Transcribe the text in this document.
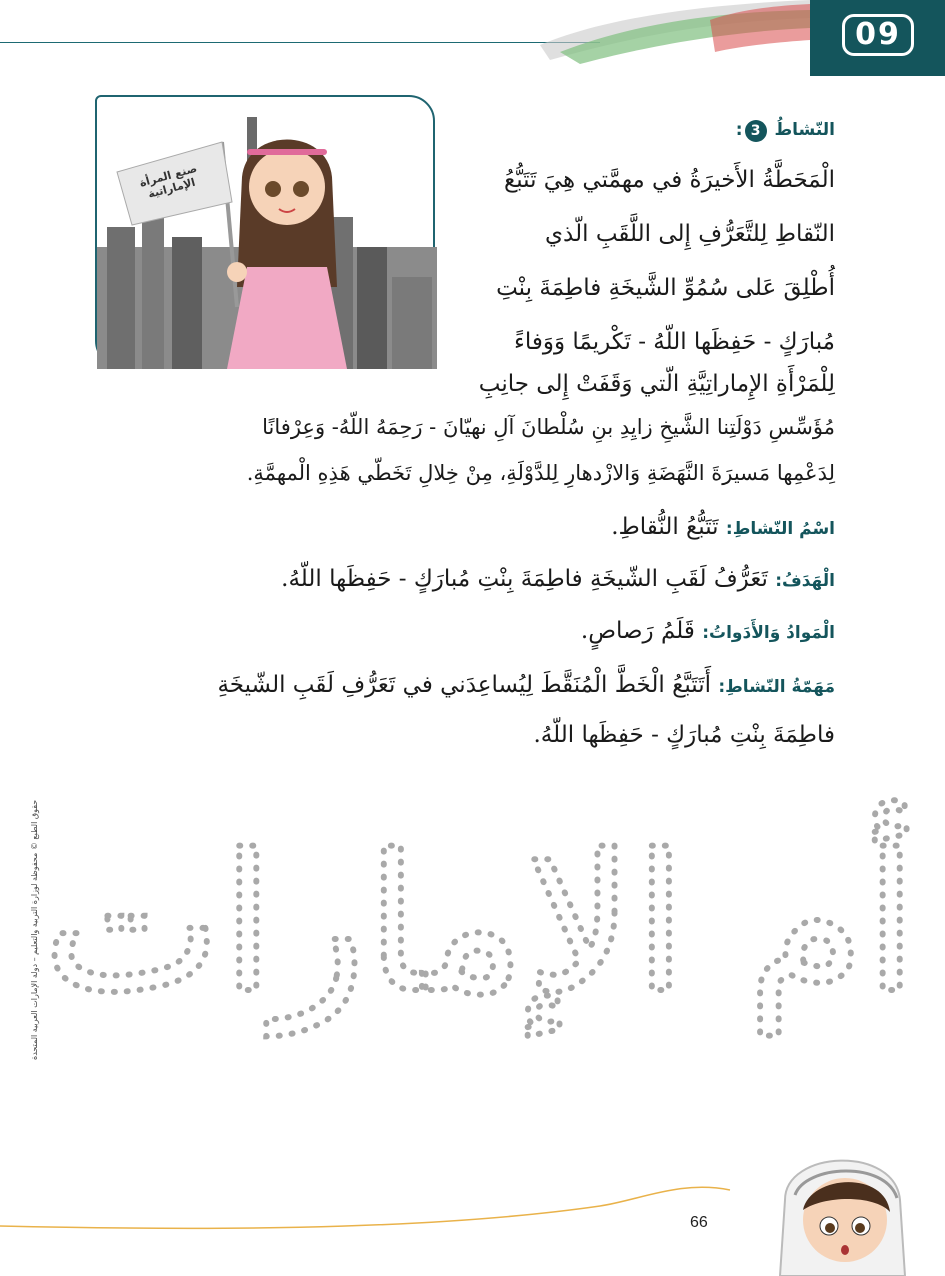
09
صنع المرأة الإماراتية
النّشاطُ 3:
الْمَحَطَّةُ الأَخيرَةُ في مهمَّتي هِيَ تَتَبُّعُ
النّقاطِ لِلتَّعَرُّفِ إِلى اللَّقَبِ الّذي
أُطْلِقَ عَلى سُمُوِّ الشَّيخَةِ فاطِمَةَ بِنْتِ
مُبارَكٍ - حَفِظَها اللّهُ - تَكْريمًا وَوَفاءً
لِلْمَرْأَةِ الإِماراتِيَّةِ الّتي وَقَفَتْ إِلى جانِبِ
مُؤَسِّسِ دَوْلَتِنا الشَّيخِ زايِدِ بنِ سُلْطانَ آلِ نهيّانَ - رَحِمَهُ اللّهُ- وَعِرْفانًا
لِدَعْمِها مَسيرَةَ النَّهَضَةِ وَالازْدهارِ لِلدَّوْلَةِ، مِنْ خِلالِ تَخَطّي هَذِهِ الْمهمَّةِ.
اسْمُ النّشاطِ: تَتَبُّعُ النُّقاطِ.
الْهَدَفُ: تَعَرُّفُ لَقَبِ الشّيخَةِ فاطِمَةَ بِنْتِ مُبارَكٍ - حَفِظَها اللّهُ.
الْمَوادُ وَالأَدَواتُ: قَلَمُ رَصاصٍ.
مَهَمّةُ النّشاطِ: أَتَتَبَّعُ الْخَطَّ الْمُنَقَّطَ لِيُساعِدَني في تَعَرُّفِ لَقَبِ الشّيخَةِ
فاطِمَةَ بِنْتِ مُبارَكٍ - حَفِظَها اللّهُ.
أم الإمارات
حقوق الطبع © محفوظة لوزارة التربية والتعليم – دولة الإمارات العربية المتحدة
66
